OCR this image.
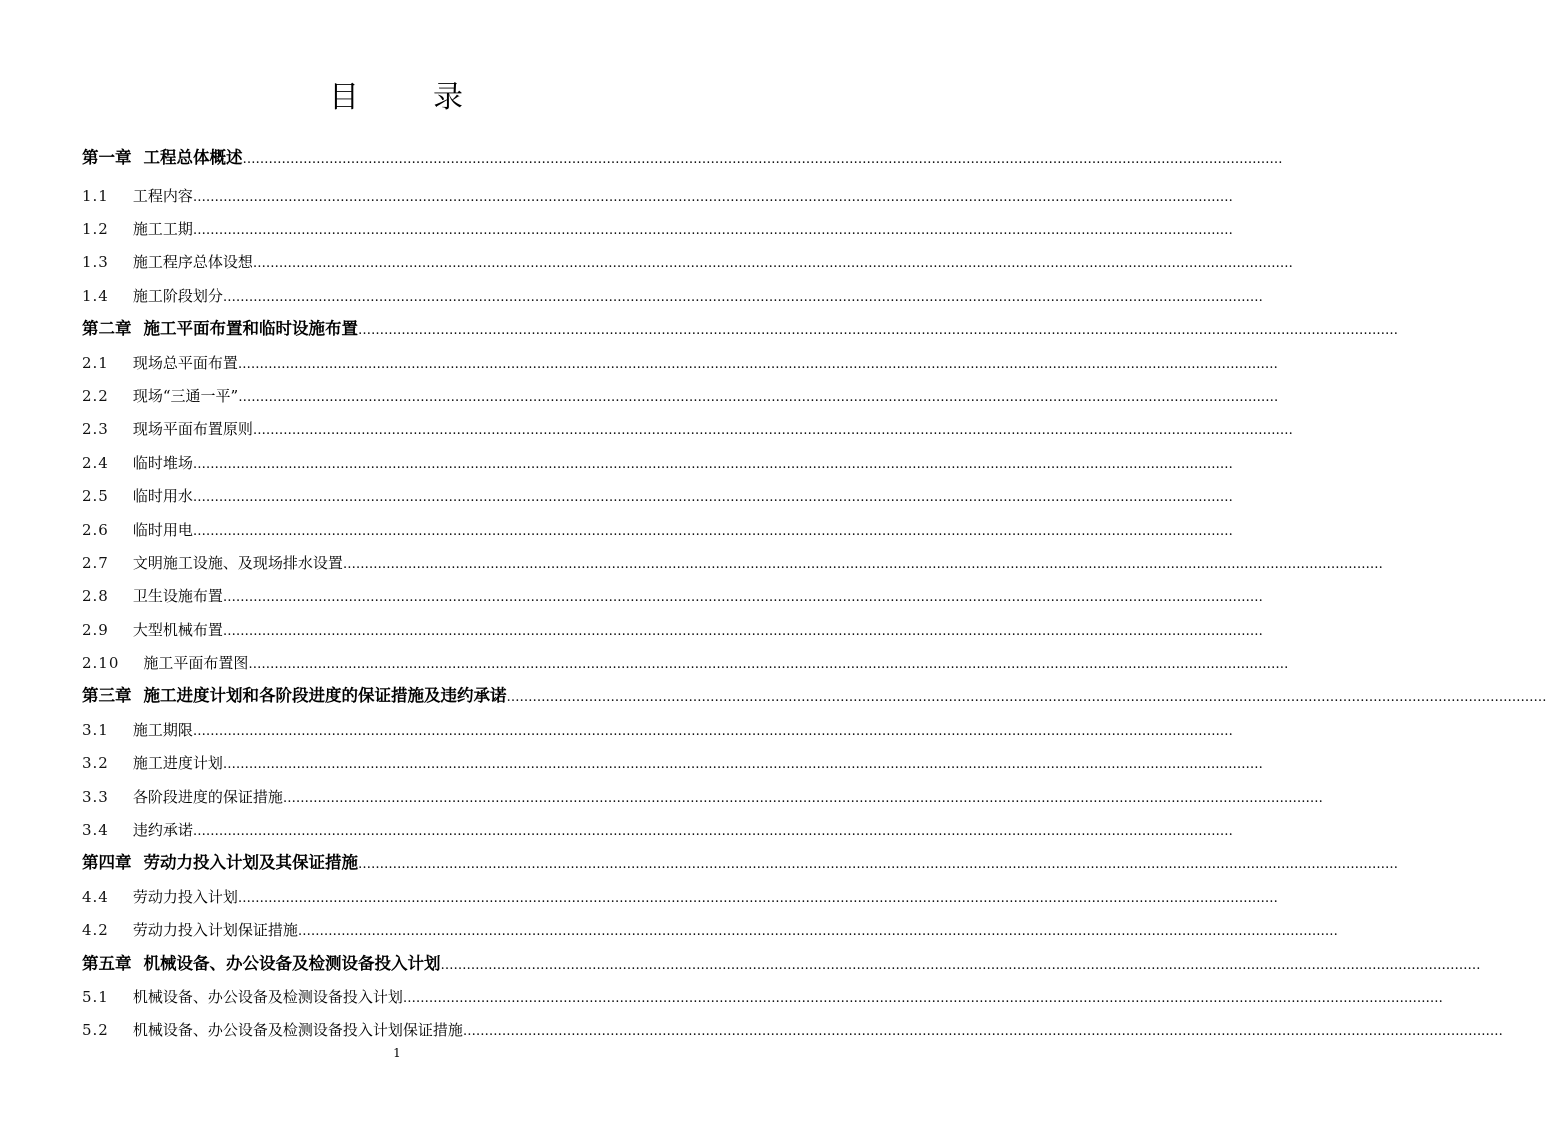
目 录
第一章 工程总体概述 ……………………………………………………………………………………………………………………………………………………………………………………………………………………
1.1 工程内容 ……………………………………………………………………………………………………………………………………………………………………………………………………………………
1.2 施工工期 ……………………………………………………………………………………………………………………………………………………………………………………………………………………
1.3 施工程序总体设想 ……………………………………………………………………………………………………………………………………………………………………………………………………………………
1.4 施工阶段划分 ……………………………………………………………………………………………………………………………………………………………………………………………………………………
第二章 施工平面布置和临时设施布置 ……………………………………………………………………………………………………………………………………………………………………………………………………………………
2.1 现场总平面布置 ……………………………………………………………………………………………………………………………………………………………………………………………………………………
2.2 现场“三通一平” ……………………………………………………………………………………………………………………………………………………………………………………………………………………
2.3 现场平面布置原则 ……………………………………………………………………………………………………………………………………………………………………………………………………………………
2.4 临时堆场 ……………………………………………………………………………………………………………………………………………………………………………………………………………………
2.5 临时用水 ……………………………………………………………………………………………………………………………………………………………………………………………………………………
2.6 临时用电 ……………………………………………………………………………………………………………………………………………………………………………………………………………………
2.7 文明施工设施、及现场排水设置 ……………………………………………………………………………………………………………………………………………………………………………………………………………………
2.8 卫生设施布置 ……………………………………………………………………………………………………………………………………………………………………………………………………………………
2.9 大型机械布置 ……………………………………………………………………………………………………………………………………………………………………………………………………………………
2.10 施工平面布置图 ……………………………………………………………………………………………………………………………………………………………………………………………………………………
第三章 施工进度计划和各阶段进度的保证措施及违约承诺 ……………………………………………………………………………………………………………………………………………………………………………………………………………………
3.1 施工期限 ……………………………………………………………………………………………………………………………………………………………………………………………………………………
3.2 施工进度计划 ……………………………………………………………………………………………………………………………………………………………………………………………………………………
3.3 各阶段进度的保证措施 ……………………………………………………………………………………………………………………………………………………………………………………………………………………
3.4 违约承诺 ……………………………………………………………………………………………………………………………………………………………………………………………………………………
第四章 劳动力投入计划及其保证措施 ……………………………………………………………………………………………………………………………………………………………………………………………………………………
4.4 劳动力投入计划 ……………………………………………………………………………………………………………………………………………………………………………………………………………………
4.2 劳动力投入计划保证措施 ……………………………………………………………………………………………………………………………………………………………………………………………………………………
第五章 机械设备、办公设备及检测设备投入计划 ……………………………………………………………………………………………………………………………………………………………………………………………………………………
5.1 机械设备、办公设备及检测设备投入计划 ……………………………………………………………………………………………………………………………………………………………………………………………………………………
5.2 机械设备、办公设备及检测设备投入计划保证措施 ……………………………………………………………………………………………………………………………………………………………………………………………………………………
1
